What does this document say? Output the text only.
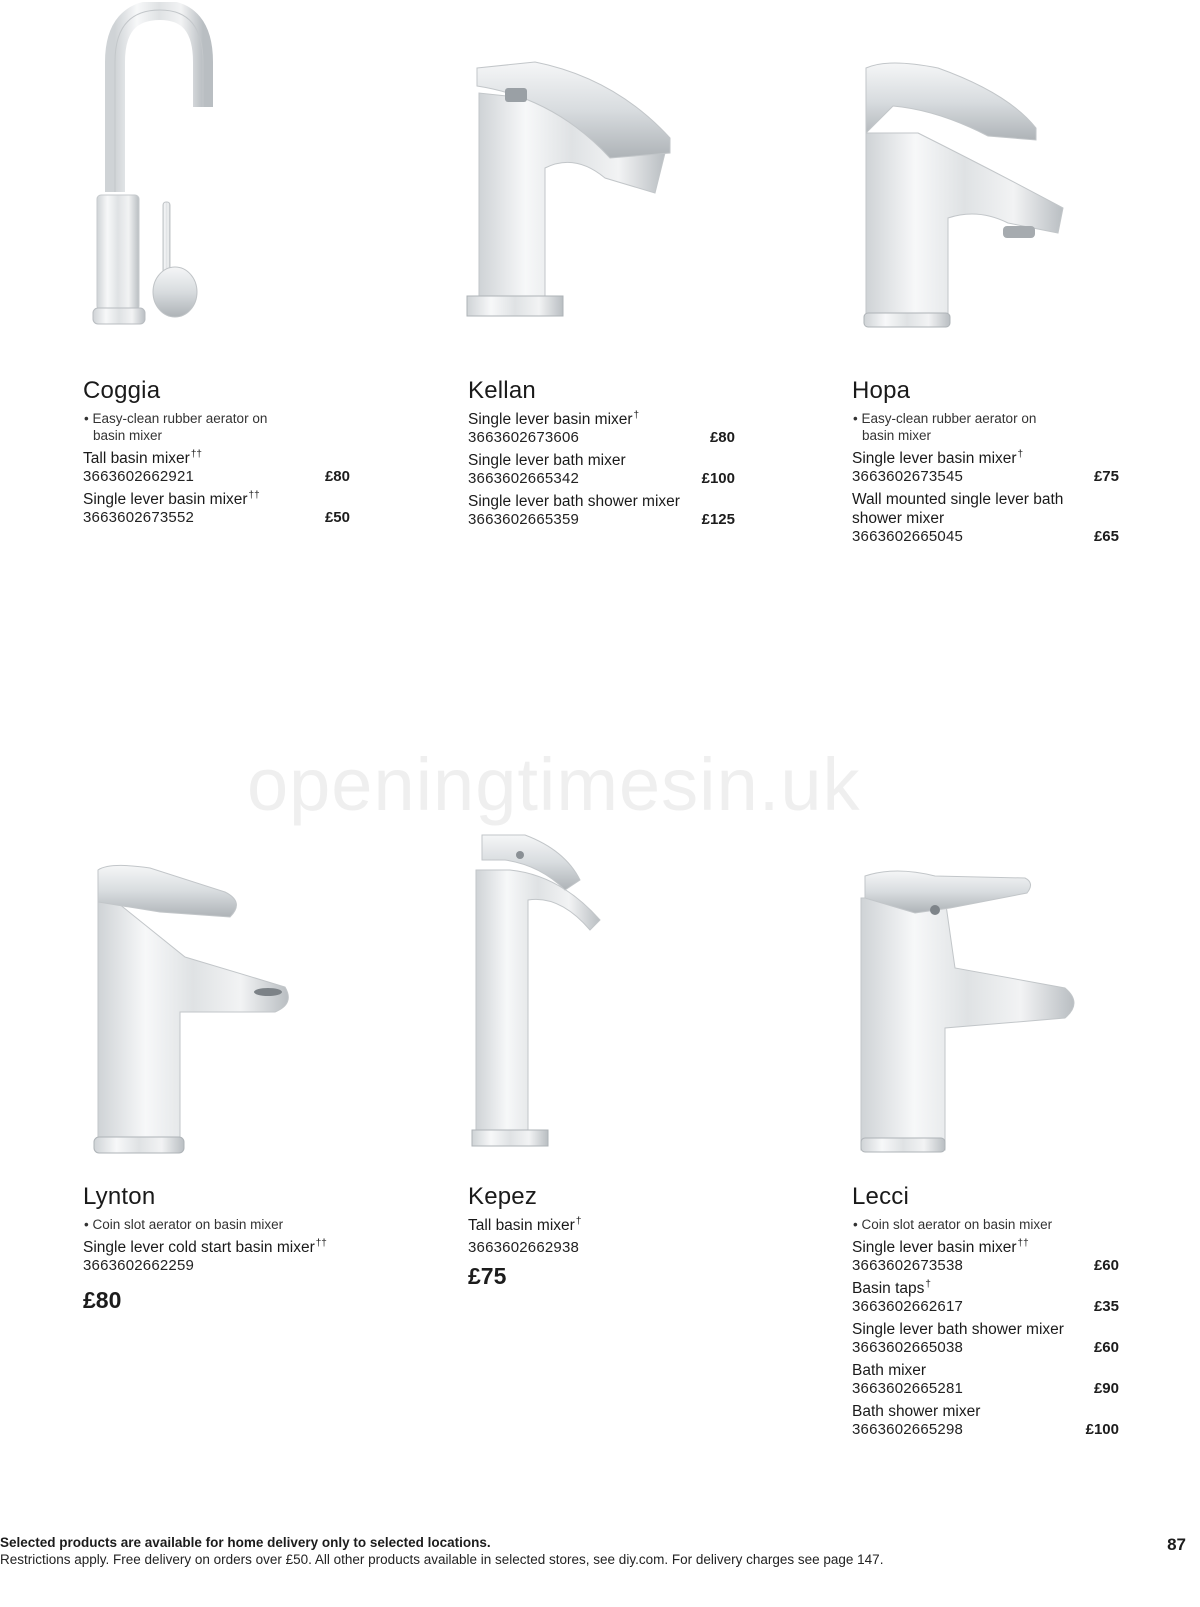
openingtimesin.uk
Coggia
• Easy-clean rubber aerator on basin mixer
Tall basin mixer††
3663602662921	£80
Single lever basin mixer††
3663602673552	£50
Kellan
Single lever basin mixer†
3663602673606	£80
Single lever bath mixer
3663602665342	£100
Single lever bath shower mixer
3663602665359	£125
Hopa
• Easy-clean rubber aerator on basin mixer
Single lever basin mixer†
3663602673545	£75
Wall mounted single lever bath shower mixer
3663602665045	£65
Lynton
• Coin slot aerator on basin mixer
Single lever cold start basin mixer††
3663602662259
£80
Kepez
Tall basin mixer†
3663602662938
£75
Lecci
• Coin slot aerator on basin mixer
Single lever basin mixer††
3663602673538	£60
Basin taps†
3663602662617	£35
Single lever bath shower mixer
3663602665038	£60
Bath mixer
3663602665281	£90
Bath shower mixer
3663602665298	£100
Selected products are available for home delivery only to selected locations.
Restrictions apply. Free delivery on orders over £50. All other products available in selected stores, see diy.com. For delivery charges see page 147.
87
